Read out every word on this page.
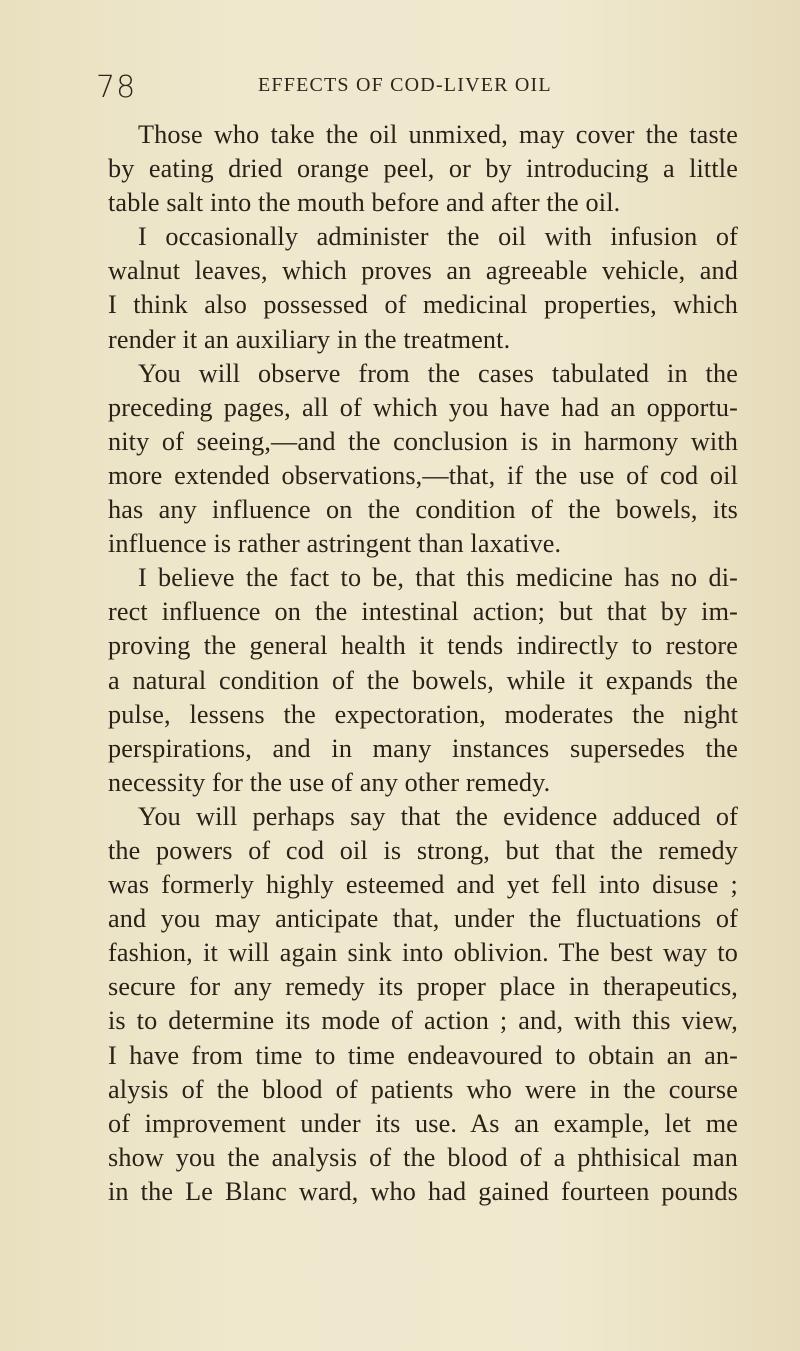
78	EFFECTS OF COD-LIVER OIL
Those who take the oil unmixed, may cover the taste
by eating dried orange peel, or by introducing a little
table salt into the mouth before and after the oil.
I occasionally administer the oil with infusion of
walnut leaves, which proves an agreeable vehicle, and
I think also possessed of medicinal properties, which
render it an auxiliary in the treatment.
You will observe from the cases tabulated in the
preceding pages, all of which you have had an opportu-
nity of seeing,—and the conclusion is in harmony with
more extended observations,—that, if the use of cod oil
has any influence on the condition of the bowels, its
influence is rather astringent than laxative.
I believe the fact to be, that this medicine has no di-
rect influence on the intestinal action; but that by im-
proving the general health it tends indirectly to restore
a natural condition of the bowels, while it expands the
pulse, lessens the expectoration, moderates the night
perspirations, and in many instances supersedes the
necessity for the use of any other remedy.
You will perhaps say that the evidence adduced of
the powers of cod oil is strong, but that the remedy
was formerly highly esteemed and yet fell into disuse ;
and you may anticipate that, under the fluctuations of
fashion, it will again sink into oblivion. The best way to
secure for any remedy its proper place in therapeutics,
is to determine its mode of action ; and, with this view,
I have from time to time endeavoured to obtain an an-
alysis of the blood of patients who were in the course
of improvement under its use. As an example, let me
show you the analysis of the blood of a phthisical man
in the Le Blanc ward, who had gained fourteen pounds
